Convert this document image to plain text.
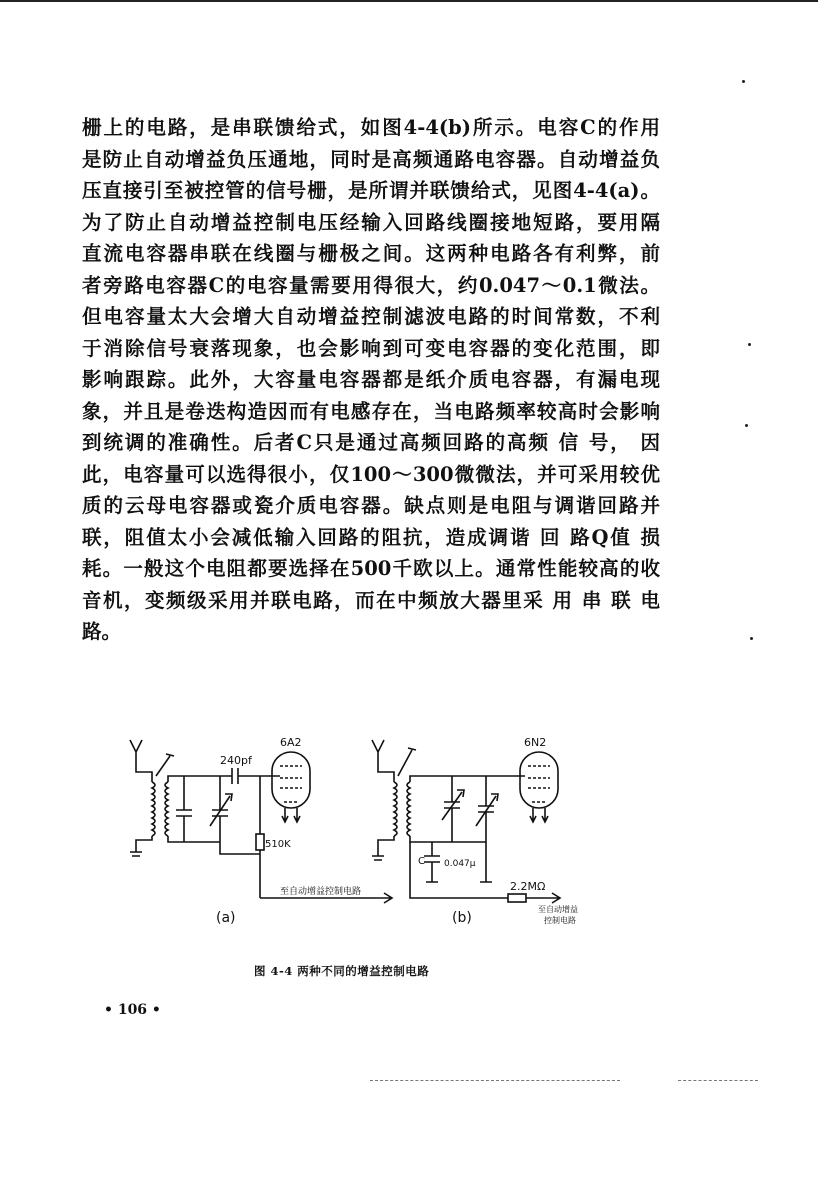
栅上的电路，是串联馈给式，如图4-4(b)所示。电容C的作用
是防止自动增益负压通地，同时是高频通路电容器。自动增益负
压直接引至被控管的信号栅，是所谓并联馈给式，见图4-4(a)。
为了防止自动增益控制电压经输入回路线圈接地短路，要用隔
直流电容器串联在线圈与栅极之间。这两种电路各有利弊，前
者旁路电容器C的电容量需要用得很大，约0.047～0.1微法。
但电容量太大会增大自动增益控制滤波电路的时间常数，不利
于消除信号衰落现象，也会影响到可变电容器的变化范围，即
影响跟踪。此外，大容量电容器都是纸介质电容器，有漏电现
象，并且是卷迭构造因而有电感存在，当电路频率较高时会影响
到统调的准确性。后者C只是通过高频回路的高频 信 号， 因
此，电容量可以选得很小，仅100～300微微法，并可采用较优
质的云母电容器或瓷介质电容器。缺点则是电阻与调谐回路并
联，阻值太小会减低输入回路的阻抗，造成调谐 回 路Q值 损
耗。一般这个电阻都要选择在500千欧以上。通常性能较高的收
音机，变频级采用并联电路，而在中频放大器里采 用 串 联 电
路。
240pf
6A2
510K
至自动增益控制电路
(a)
6N2
C 0.047μ
2.2MΩ
至自动增益
控制电路
(b)
图 4-4 两种不同的增益控制电路
• 106 •
